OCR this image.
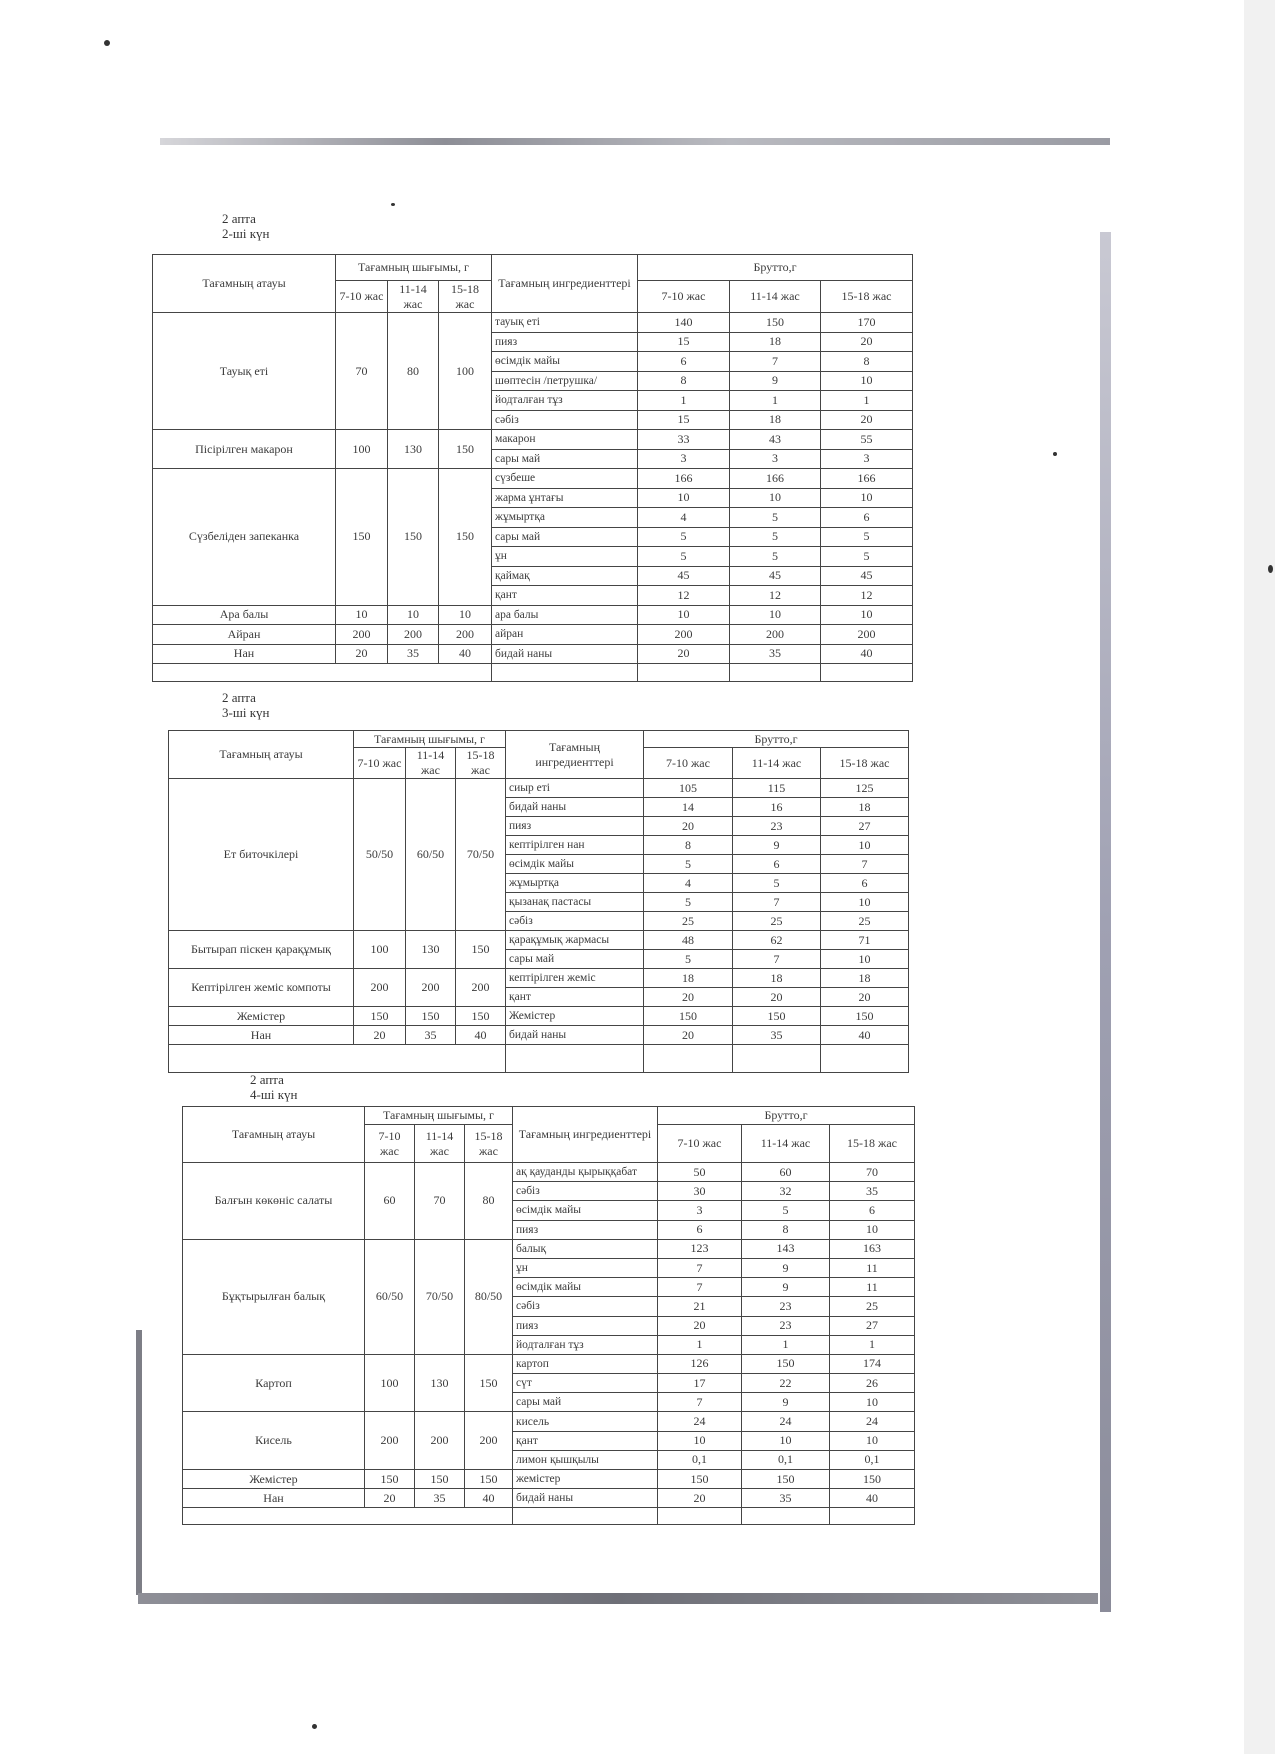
2 апта
2-ші күн
Тағамның атауы	Тағамның шығымы, г			Тағамның ингредиенттері	Брутто,г		
	7-10 жас	11-14 жас	15-18 жас		7-10 жас	11-14 жас	15-18 жас
Тауық еті	70	80	100	тауық еті	140	150	170
				пияз	15	18	20
				өсімдік майы	6	7	8
				шөптесін /петрушка/	8	9	10
				йодталған тұз	1	1	1
				сәбіз	15	18	20
Пісірілген макарон	100	130	150	макарон	33	43	55
				сары май	3	3	3
Сүзбеліден запеканка	150	150	150	сүзбеше	166	166	166
				жарма ұнтағы	10	10	10
				жұмыртқа	4	5	6
				сары май	5	5	5
				ұн	5	5	5
				қаймақ	45	45	45
				қант	12	12	12
Ара балы	10	10	10	ара балы	10	10	10
Айран	200	200	200	айран	200	200	200
Нан	20	35	40	бидай наны	20	35	40

2 апта
3-ші күн
Тағамның атауы	Тағамның шығымы, г			Тағамның ингредиенттері	Брутто,г		
	7-10 жас	11-14 жас	15-18 жас		7-10 жас	11-14 жас	15-18 жас
Ет биточкілері	50/50	60/50	70/50	сиыр еті	105	115	125
				бидай наны	14	16	18
				пияз	20	23	27
				кептірілген нан	8	9	10
				өсімдік майы	5	6	7
				жұмыртқа	4	5	6
				қызанақ пастасы	5	7	10
				сәбіз	25	25	25
Бытырап піскен қарақұмық	100	130	150	қарақұмық жармасы	48	62	71
				сары май	5	7	10
Кептірілген жеміс компоты	200	200	200	кептірілген жеміс	18	18	18
				қант	20	20	20
Жемістер	150	150	150	Жемістер	150	150	150
Нан	20	35	40	бидай наны	20	35	40

2 апта
4-ші күн
Тағамның атауы	Тағамның шығымы, г			Тағамның ингредиенттері	Брутто,г		
	7-10 жас	11-14 жас	15-18 жас		7-10 жас	11-14 жас	15-18 жас
Балғын көкөніс салаты	60	70	80	ақ қауданды қырыққабат	50	60	70
				сәбіз	30	32	35
				өсімдік майы	3	5	6
				пияз	6	8	10
Бұқтырылған балық	60/50	70/50	80/50	балық	123	143	163
				ұн	7	9	11
				өсімдік майы	7	9	11
				сәбіз	21	23	25
				пияз	20	23	27
				йодталған тұз	1	1	1
Картоп	100	130	150	картоп	126	150	174
				сүт	17	22	26
				сары май	7	9	10
Кисель	200	200	200	кисель	24	24	24
				қант	10	10	10
				лимон қышқылы	0,1	0,1	0,1
Жемістер	150	150	150	жемістер	150	150	150
Нан	20	35	40	бидай наны	20	35	40
